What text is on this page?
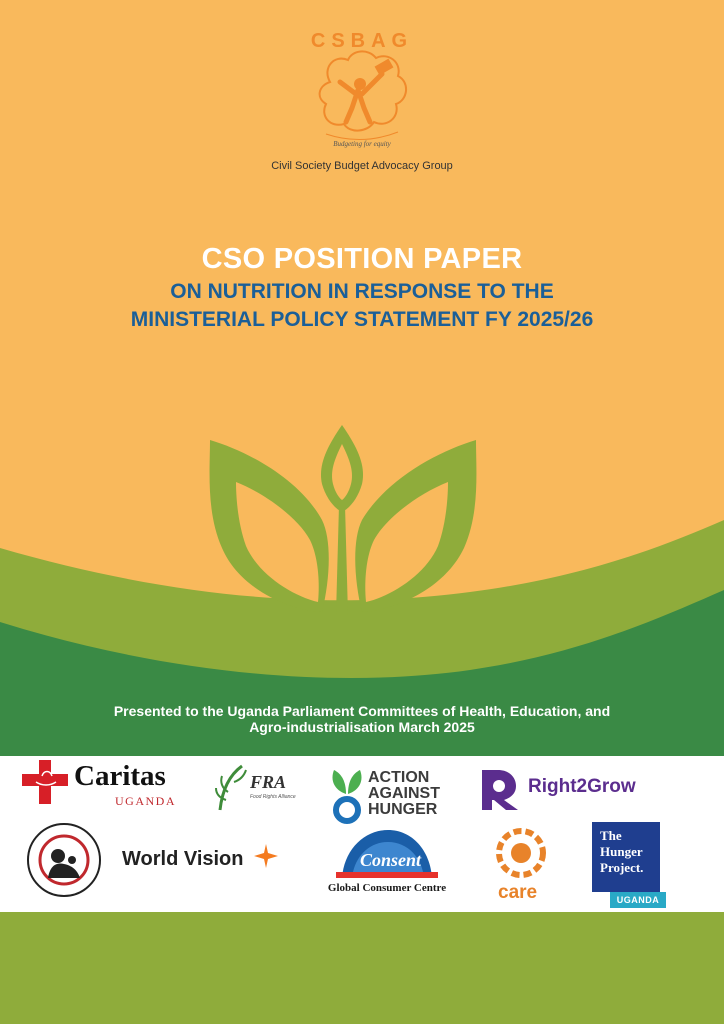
Budgeting for equity
CSBAG
Civil Society Budget Advocacy Group
CSO POSITION PAPER
ON NUTRITION IN RESPONSE TO THE
MINISTERIAL POLICY STATEMENT FY 2025/26
Presented to the Uganda Parliament Committees of Health, Education, and
Agro-industrialisation March 2025
Caritas
UGANDA
FRA
Food Rights Alliance
ACTION
AGAINST
HUNGER
Right2Grow
World Vision	Consent
Global Consumer Centre	care
The
Hunger
Project.
UGANDA
